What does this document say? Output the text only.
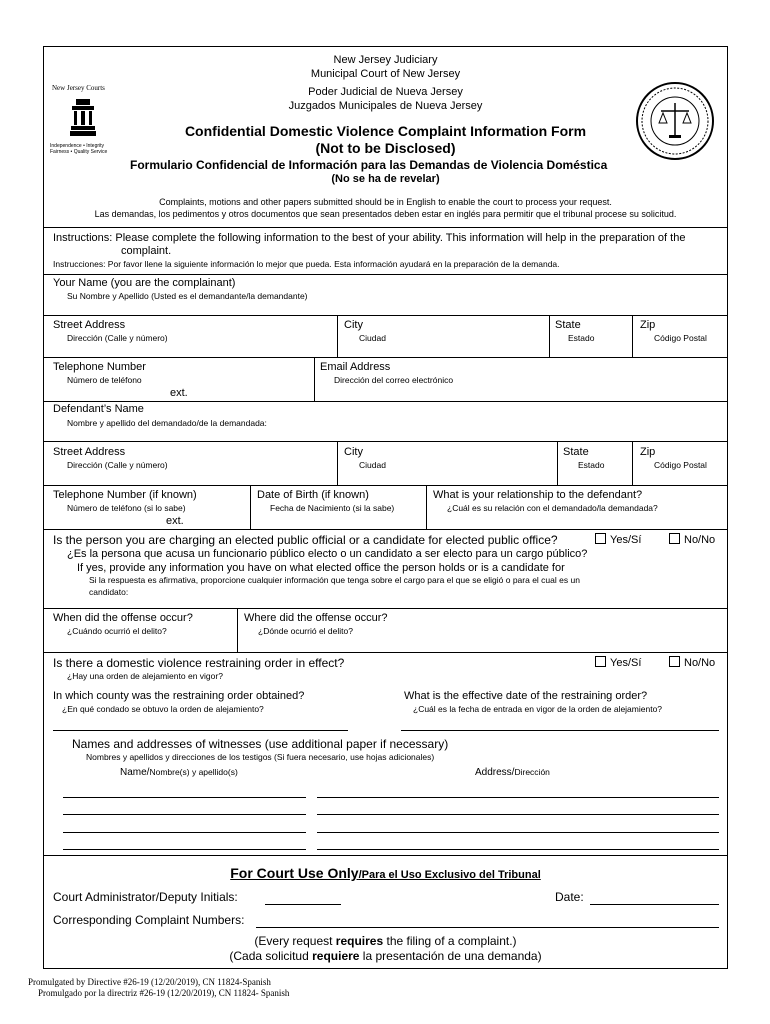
New Jersey Courts
Independence • Integrity
Fairness • Quality Service
New Jersey Judiciary
Municipal Court of New Jersey
Poder Judicial de Nueva Jersey
Juzgados Municipales de Nueva Jersey
Confidential Domestic Violence Complaint Information Form
(Not to be Disclosed)
Formulario Confidencial de Información para las Demandas de Violencia Doméstica
(No se ha de revelar)
Complaints, motions and other papers submitted should be in English to enable the court to process your request.
Las demandas, los pedimentos y otros documentos que sean presentados deben estar en inglés para permitir que el tribunal procese su solicitud.
Instructions: Please complete the following information to the best of your ability. This information will help in the preparation of the
complaint.
Instrucciones: Por favor llene la siguiente información lo mejor que pueda. Esta información ayudará en la preparación de la demanda.
Your Name (you are the complainant)
Su Nombre y Apellido (Usted es el demandante/la demandante)
Street Address
Dirección (Calle y número)
City
Ciudad
State
Estado
Zip
Código Postal
Telephone Number
Número de teléfono
ext.
Email Address
Dirección del correo electrónico
Defendant’s Name
Nombre y apellido del demandado/de la demandada:
Street Address
Dirección (Calle y número)
City
Ciudad
State
Estado
Zip
Código Postal
Telephone Number (if known)
Número de teléfono (si lo sabe)
ext.
Date of Birth (if known)
Fecha de Nacimiento (si la sabe)
What is your relationship to the defendant?
¿Cuál es su relación con el demandado/la demandada?
Is the person you are charging an elected public official or a candidate for elected public office?	Yes/Sí	No/No
¿Es la persona que acusa un funcionario público electo o un candidato a ser electo para un cargo público?
If yes, provide any information you have on what elected office the person holds or is a candidate for
Si la respuesta es afirmativa, proporcione cualquier información que tenga sobre el cargo para el que se eligió o para el cual es un
candidato:
When did the offense occur?
¿Cuándo ocurrió el delito?
Where did the offense occur?
¿Dónde ocurrió el delito?
Is there a domestic violence restraining order in effect?	Yes/Sí	No/No
¿Hay una orden de alejamiento en vigor?
In which county was the restraining order obtained?
¿En qué condado se obtuvo la orden de alejamiento?
What is the effective date of the restraining order?
¿Cuál es la fecha de entrada en vigor de la orden de alejamiento?
Names and addresses of witnesses (use additional paper if necessary)
Nombres y apellidos y direcciones de los testigos (Si fuera necesario, use hojas adicionales)
Name/Nombre(s) y apellido(s)	Address/Dirección
For Court Use Only/Para el Uso Exclusivo del Tribunal
Court Administrator/Deputy Initials:	Date:
Corresponding Complaint Numbers:
(Every request requires the filing of a complaint.)
(Cada solicitud requiere la presentación de una demanda)
Promulgated by Directive #26-19 (12/20/2019), CN 11824-Spanish
Promulgado por la directriz #26-19 (12/20/2019), CN 11824- Spanish
